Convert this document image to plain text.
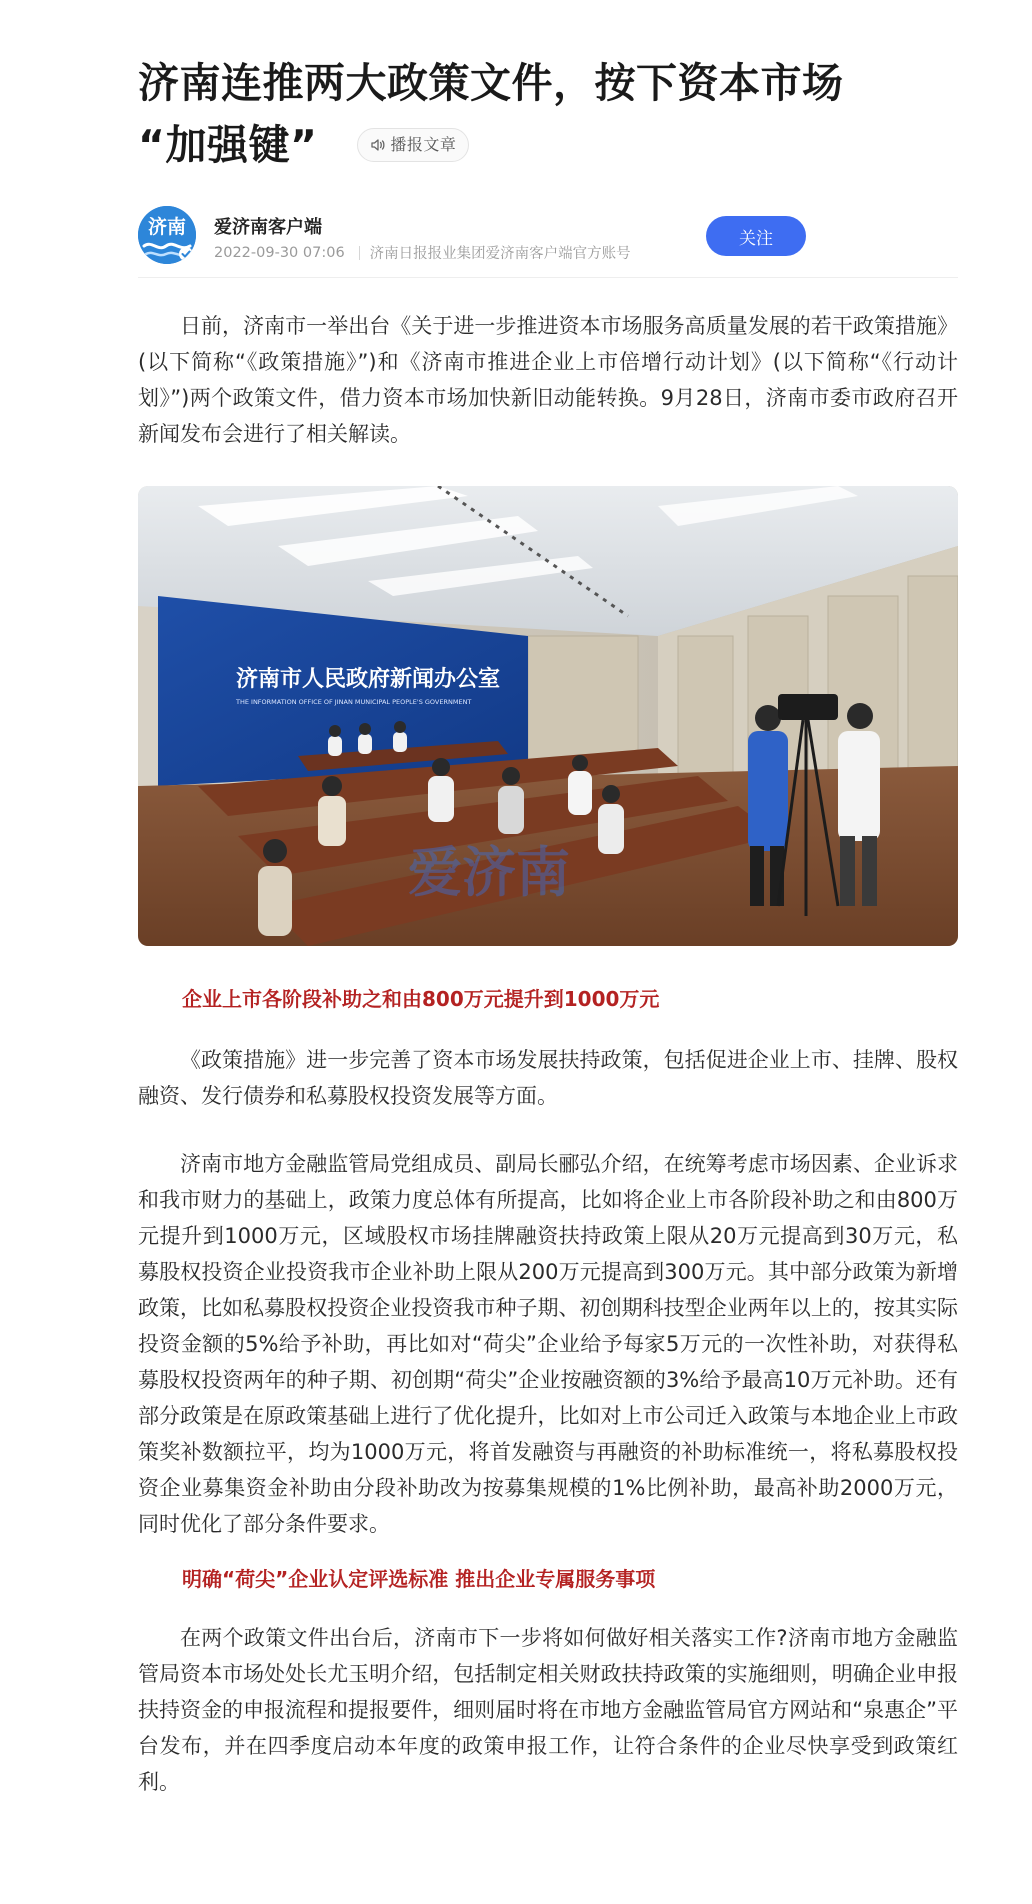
济南连推两大政策文件，按下资本市场
“加强键”	播报文章
济南 爱济南客户端
2022-09-30 07:06 济南日报报业集团爱济南客户端官方账号
关注

日前，济南市一举出台《关于进一步推进资本市场服务高质量发展的若干政策措施》(以下简称“《政策措施》”)和《济南市推进企业上市倍增行动计划》(以下简称“《行动计划》”)两个政策文件，借力资本市场加快新旧动能转换。9月28日，济南市委市政府召开新闻发布会进行了相关解读。

济南市人民政府新闻办公室
THE INFORMATION OFFICE OF JINAN MUNICIPAL PEOPLE'S GOVERNMENT
爱济南
企业上市各阶段补助之和由800万元提升到1000万元

《政策措施》进一步完善了资本市场发展扶持政策，包括促进企业上市、挂牌、股权融资、发行债券和私募股权投资发展等方面。

济南市地方金融监管局党组成员、副局长郦弘介绍，在统筹考虑市场因素、企业诉求和我市财力的基础上，政策力度总体有所提高，比如将企业上市各阶段补助之和由800万元提升到1000万元，区域股权市场挂牌融资扶持政策上限从20万元提高到30万元，私募股权投资企业投资我市企业补助上限从200万元提高到300万元。其中部分政策为新增政策，比如私募股权投资企业投资我市种子期、初创期科技型企业两年以上的，按其实际投资金额的5%给予补助，再比如对“荷尖”企业给予每家5万元的一次性补助，对获得私募股权投资两年的种子期、初创期“荷尖”企业按融资额的3%给予最高10万元补助。还有部分政策是在原政策基础上进行了优化提升，比如对上市公司迁入政策与本地企业上市政策奖补数额拉平，均为1000万元，将首发融资与再融资的补助标准统一，将私募股权投资企业募集资金补助由分段补助改为按募集规模的1%比例补助，最高补助2000万元，同时优化了部分条件要求。

明确“荷尖”企业认定评选标准 推出企业专属服务事项

在两个政策文件出台后，济南市下一步将如何做好相关落实工作?济南市地方金融监管局资本市场处处长尤玉明介绍，包括制定相关财政扶持政策的实施细则，明确企业申报扶持资金的申报流程和提报要件，细则届时将在市地方金融监管局官方网站和“泉惠企”平台发布，并在四季度启动本年度的政策申报工作，让符合条件的企业尽快享受到政策红利。
